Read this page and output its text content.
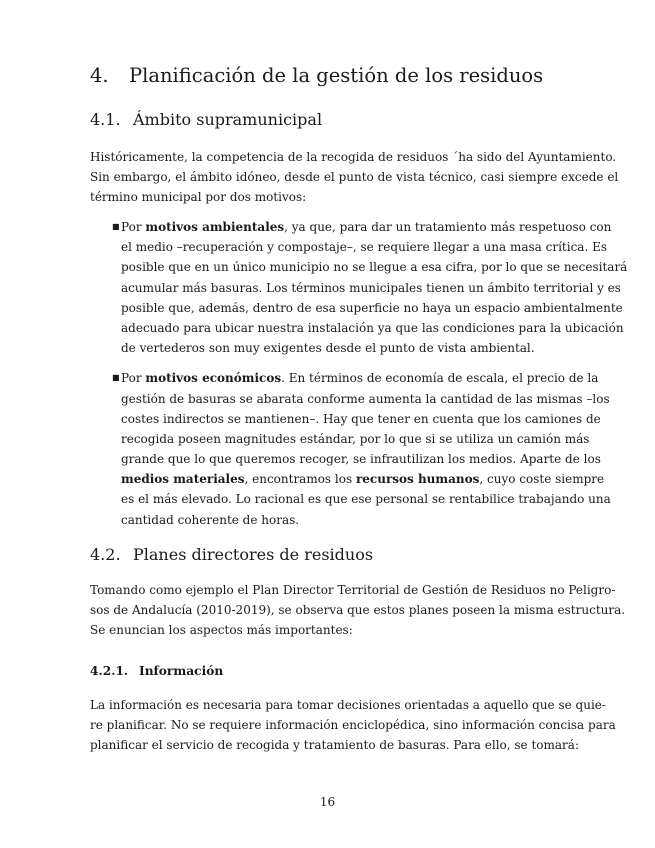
4. Planificación de la gestión de los residuos
4.1. Ámbito supramunicipal
Históricamente, la competencia de la recogida de residuos ´ha sido del Ayuntamiento.
Sin embargo, el ámbito idóneo, desde el punto de vista técnico, casi siempre excede el
término municipal por dos motivos:
■ Por motivos ambientales, ya que, para dar un tratamiento más respetuoso con
el medio –recuperación y compostaje–, se requiere llegar a una masa crítica. Es
posible que en un único municipio no se llegue a esa cifra, por lo que se necesitará
acumular más basuras. Los términos municipales tienen un ámbito territorial y es
posible que, además, dentro de esa superficie no haya un espacio ambientalmente
adecuado para ubicar nuestra instalación ya que las condiciones para la ubicación
de vertederos son muy exigentes desde el punto de vista ambiental.
■ Por motivos económicos. En términos de economía de escala, el precio de la
gestión de basuras se abarata conforme aumenta la cantidad de las mismas –los
costes indirectos se mantienen–. Hay que tener en cuenta que los camiones de
recogida poseen magnitudes estándar, por lo que si se utiliza un camión más
grande que lo que queremos recoger, se infrautilizan los medios. Aparte de los
medios materiales, encontramos los recursos humanos, cuyo coste siempre
es el más elevado. Lo racional es que ese personal se rentabilice trabajando una
cantidad coherente de horas.
4.2. Planes directores de residuos
Tomando como ejemplo el Plan Director Territorial de Gestión de Residuos no Peligro-
sos de Andalucía (2010-2019), se observa que estos planes poseen la misma estructura.
Se enuncian los aspectos más importantes:
4.2.1. Información
La información es necesaria para tomar decisiones orientadas a aquello que se quie-
re planificar. No se requiere información enciclopédica, sino información concisa para
planificar el servicio de recogida y tratamiento de basuras. Para ello, se tomará:
16
